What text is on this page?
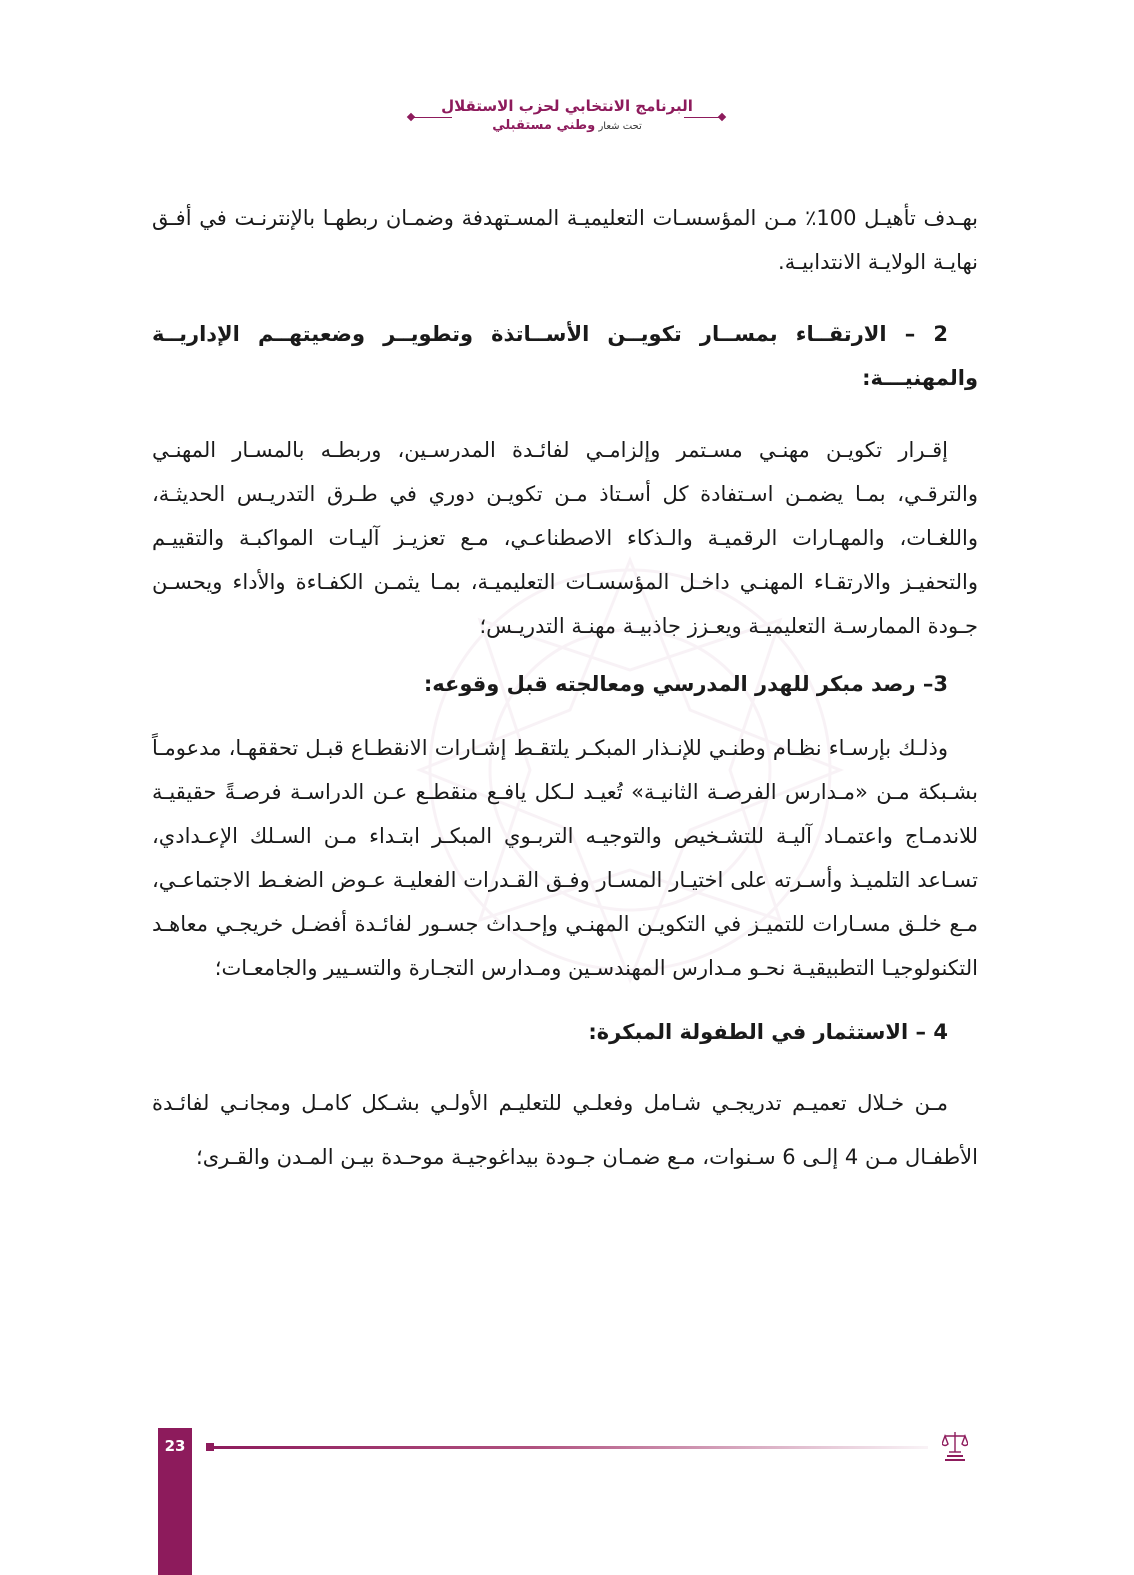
البرنامج الانتخابي لحزب الاستقلال
تحت شعار وطني مستقبلي

بهـدف تأهيـل 100٪ مـن المؤسسـات التعليميـة المسـتهدفة وضمـان ربطهـا بالإنترنـت في أفـق نهايـة الولايـة الانتدابيـة.

2 – الارتقــاء بمســار تكويــن الأســاتذة وتطويــر وضعيتهــم الإداريــة والمهنيـــة:

إقـرار تكويـن مهنـي مسـتمر وإلزامـي لفائـدة المدرسـين، وربطـه بالمسـار المهنـي والترقـي، بمـا يضمـن اسـتفادة كل أسـتاذ مـن تكويـن دوري في طـرق التدريـس الحديثـة، واللغـات، والمهـارات الرقميـة والـذكاء الاصطناعـي، مـع تعزيـز آليـات المواكبـة والتقييـم والتحفيـز والارتقـاء المهنـي داخـل المؤسسـات التعليميـة، بمـا يثمـن الكفـاءة والأداء ويحسـن جـودة الممارسـة التعليميـة ويعـزز جاذبيـة مهنـة التدريـس؛

3– رصد مبكر للهدر المدرسي ومعالجته قبل وقوعه:

وذلـك بإرسـاء نظـام وطنـي للإنـذار المبكـر يلتقـط إشـارات الانقطـاع قبـل تحققهـا، مدعومـاً بشـبكة مـن «مـدارس الفرصـة الثانيـة» تُعيـد لـكل يافـع منقطـع عـن الدراسـة فرصـةً حقيقيـة للاندمـاج واعتمـاد آليـة للتشـخيص والتوجيـه التربـوي المبكـر ابتـداء مـن السـلك الإعـدادي، تسـاعد التلميـذ وأسـرته على اختيـار المسـار وفـق القـدرات الفعليـة عـوض الضغـط الاجتماعـي، مـع خلـق مسـارات للتميـز في التكويـن المهنـي وإحـداث جسـور لفائـدة أفضـل خريجـي معاهـد التكنولوجيـا التطبيقيـة نحـو مـدارس المهندسـين ومـدارس التجـارة والتسـيير والجامعـات؛

4 – الاستثمار في الطفولة المبكرة:

مـن خـلال تعميـم تدريجـي شـامل وفعلـي للتعليـم الأولـي بشـكل كامـل ومجانـي لفائـدة الأطفـال مـن 4 إلـى 6 سـنوات، مـع ضمـان جـودة بيداغوجيـة موحـدة بيـن المـدن والقـرى؛

23
